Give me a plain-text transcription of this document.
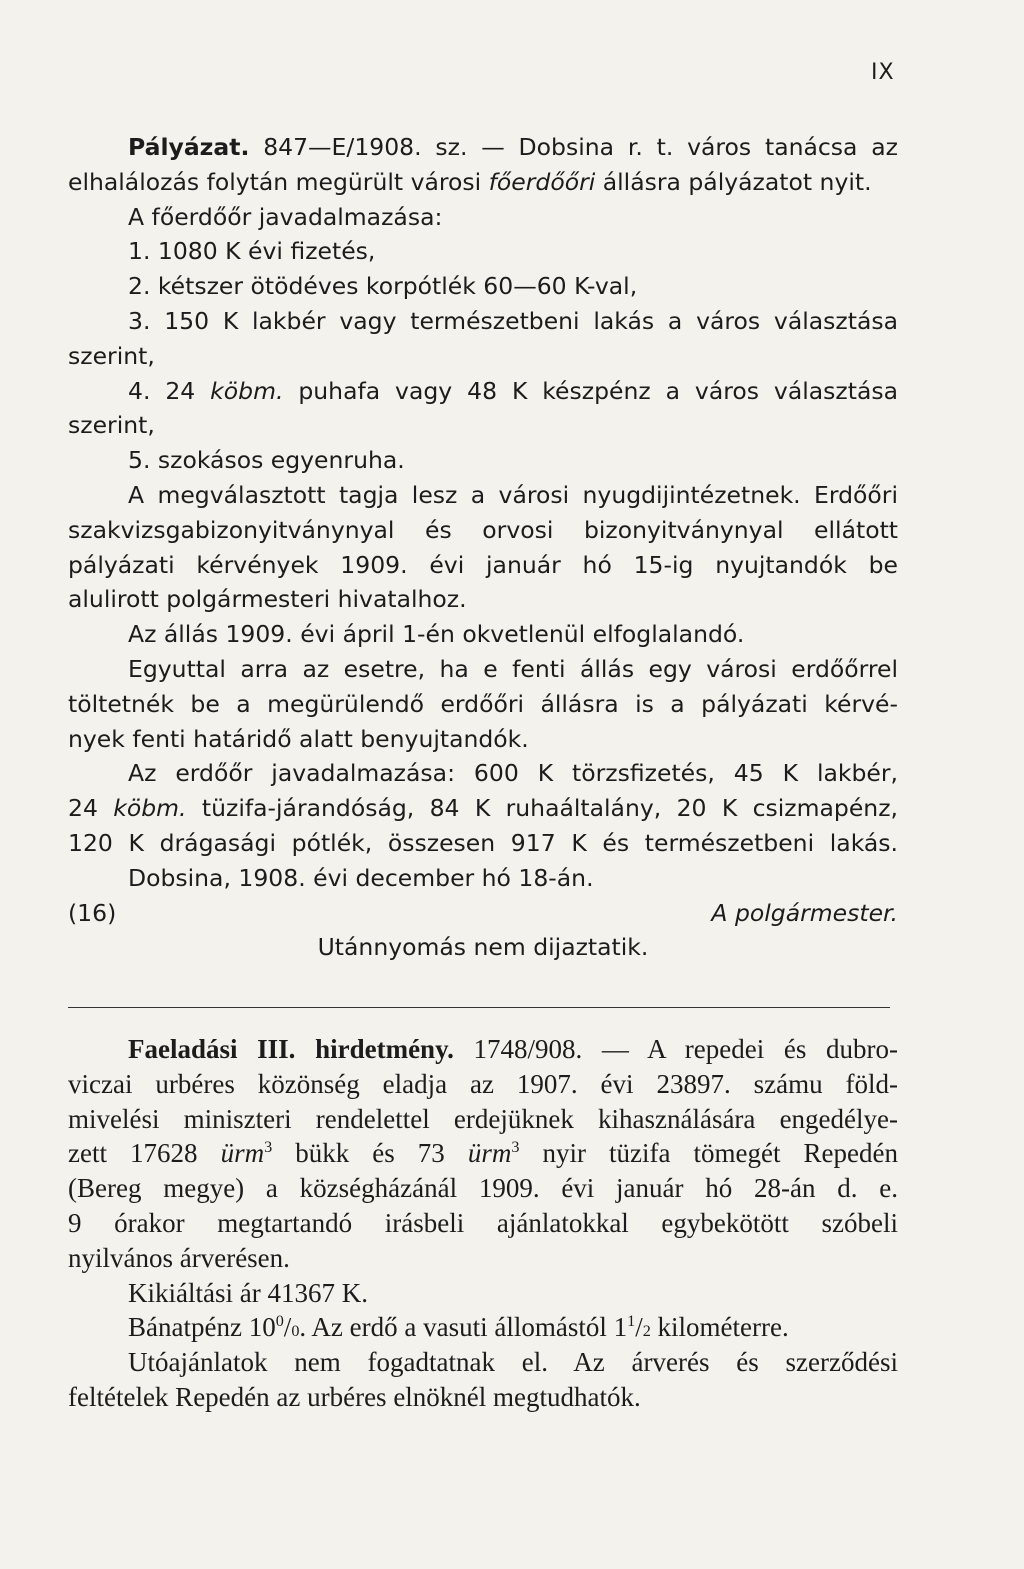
IX
Pályázat. 847—E/1908. sz. — Dobsina r. t. város tanácsa az
elhalálozás folytán megürült városi főerdőőri állásra pályázatot nyit.
A főerdőőr javadalmazása:
1. 1080 K évi fizetés,
2. kétszer ötödéves korpótlék 60—60 K-val,
3. 150 K lakbér vagy természetbeni lakás a város választása
szerint,
4. 24 köbm. puhafa vagy 48 K készpénz a város választása
szerint,
5. szokásos egyenruha.
A megválasztott tagja lesz a városi nyugdijintézetnek. Erdőőri
szakvizsgabizonyitványnyal és orvosi bizonyitványnyal ellátott
pályázati kérvények 1909. évi január hó 15-ig nyujtandók be
alulirott polgármesteri hivatalhoz.
Az állás 1909. évi ápril 1-én okvetlenül elfoglalandó.
Egyuttal arra az esetre, ha e fenti állás egy városi erdőőrrel
töltetnék be a megürülendő erdőőri állásra is a pályázati kérvé-
nyek fenti határidő alatt benyujtandók.
Az erdőőr javadalmazása: 600 K törzsfizetés, 45 K lakbér,
24 köbm. tüzifa-járandóság, 84 K ruhaáltalány, 20 K csizmapénz,
120 K drágasági pótlék, összesen 917 K és természetbeni lakás.
Dobsina, 1908. évi december hó 18-án.
(16)	A polgármester.
Utánnyomás nem dijaztatik.
Faeladási III. hirdetmény. 1748/908. — A repedei és dubro-
viczai urbéres közönség eladja az 1907. évi 23897. számu föld-
mivelési miniszteri rendelettel erdejüknek kihasználására engedélye-
zett 17628 ürm$^3$ bükk és 73 ürm$^3$ nyir tüzifa tömegét Repedén
(Bereg megye) a községházánál 1909. évi január hó 28-án d. e.
9 órakor megtartandó irásbeli ajánlatokkal egybekötött szóbeli
nyilvános árverésen.
Kikiáltási ár 41367 K.
Bánatpénz $10^0/0$. Az erdő a vasuti állomástól $1^1/2$ kilométerre.
Utóajánlatok nem fogadtatnak el. Az árverés és szerződési
feltételek Repedén az urbéres elnöknél megtudhatók.
